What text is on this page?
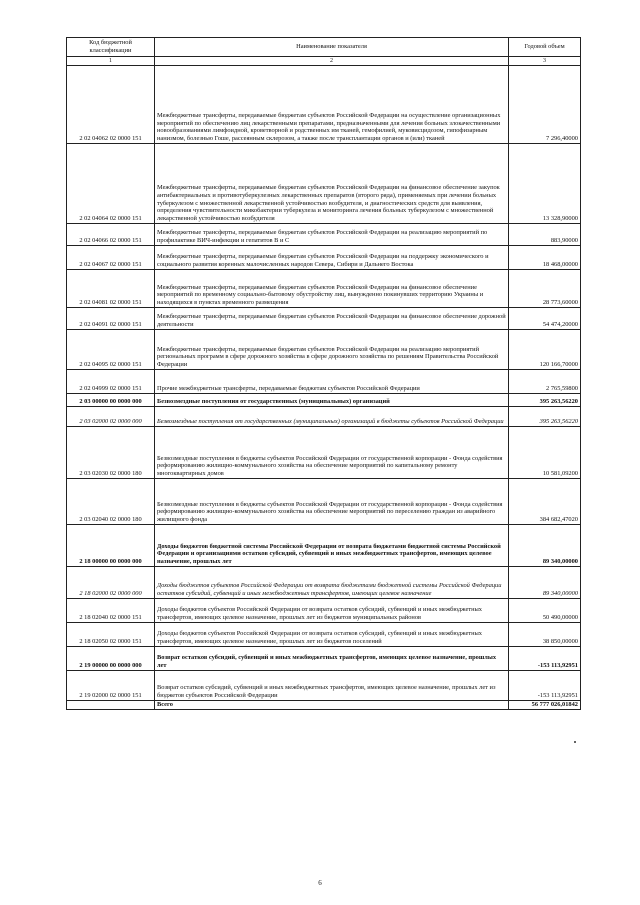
Код бюджетной классификации	Наименование показателя	Годовой объем
1	2	3
2 02 04062 02 0000 151	Межбюджетные трансферты, передаваемые бюджетам субъектов Российской Федерации на осуществление организационных мероприятий по обеспечению лиц лекарственными препаратами, предназначенными для лечения больных злокачественными новообразованиями лимфоидной, кроветворной и родственных им тканей, гемофилией, муковисцидозом, гипофизарным нанизмом, болезнью Гоше, рассеянным склерозом, а также после трансплантации органов и (или) тканей	7 296,40000
2 02 04064 02 0000 151	Межбюджетные трансферты, передаваемые бюджетам субъектов Российской Федерации на финансовое обеспечение закупок антибактериальных и противотуберкулезных лекарственных препаратов (второго ряда), применяемых при лечении больных туберкулезом с множественной лекарственной устойчивостью возбудителя, и диагностических средств для выявления, определения чувствительности микобактерии туберкулеза и мониторинга лечения больных туберкулезом с множественной лекарственной устойчивостью возбудителя	13 328,90000
2 02 04066 02 0000 151	Межбюджетные трансферты, передаваемые бюджетам субъектов Российской Федерации на реализацию мероприятий по профилактике ВИЧ-инфекции и гепатитов В и С	883,90000
2 02 04067 02 0000 151	Межбюджетные трансферты, передаваемые бюджетам субъектов Российской Федерации на поддержку экономического и социального развития коренных малочисленных народов Севера, Сибири и Дальнего Востока	18 468,00000
2 02 04081 02 0000 151	Межбюджетные трансферты, передаваемые бюджетам субъектов Российской Федерации на финансовое обеспечение мероприятий по временному социально-бытовому обустройству лиц, вынужденно покинувших территорию Украины и находящихся в пунктах временного размещения	28 773,60000
2 02 04091 02 0000 151	Межбюджетные трансферты, передаваемые бюджетам субъектов Российской Федерации на финансовое обеспечение дорожной деятельности	54 474,20000
2 02 04095 02 0000 151	Межбюджетные трансферты, передаваемые бюджетам субъектов Российской Федерации на реализацию мероприятий региональных программ в сфере дорожного хозяйства в сфере дорожного хозяйства по решениям Правительства Российской Федерации	120 166,70000
2 02 04999 02 0000 151	Прочие межбюджетные трансферты, передаваемые бюджетам субъектов Российской Федерации	2 765,59800
2 03 00000 00 0000 000	Безвозмездные поступления от государственных (муниципальных) организаций	395 263,56220
2 03 02000 02 0000 000	Безвозмездные поступления от государственных (муниципальных) организаций в бюджеты субъектов Российской Федерации	395 263,56220
2 03 02030 02 0000 180	Безвозмездные поступления в бюджеты субъектов Российской Федерации от государственной корпорации - Фонда содействия реформированию жилищно-коммунального хозяйства на обеспечение мероприятий по капитальному ремонту многоквартирных домов	10 581,09200
2 03 02040 02 0000 180	Безвозмездные поступления в бюджеты субъектов Российской Федерации от государственной корпорации - Фонда содействия реформированию жилищно-коммунального хозяйства на обеспечение мероприятий по переселению граждан из аварийного жилищного фонда	384 682,47020
2 18 00000 00 0000 000	Доходы бюджетов бюджетной системы Российской Федерации от возврата бюджетами бюджетной системы Российской Федерации и организациями остатков субсидий, субвенций и иных межбюджетных трансфертов, имеющих целевое назначение, прошлых лет	89 340,00000
2 18 02000 02 0000 000	Доходы бюджетов субъектов Российской Федерации от возврата бюджетами бюджетной системы Российской Федерации остатков субсидий, субвенций и иных межбюджетных трансфертов, имеющих целевое назначение	89 340,00000
2 18 02040 02 0000 151	Доходы бюджетов субъектов Российской Федерации от возврата остатков субсидий, субвенций и иных межбюджетных трансфертов, имеющих целевое назначение, прошлых лет из бюджетов муниципальных районов	50 490,00000
2 18 02050 02 0000 151	Доходы бюджетов субъектов Российской Федерации от возврата остатков субсидий, субвенций и иных межбюджетных трансфертов, имеющих целевое назначение, прошлых лет из бюджетов поселений	38 850,00000
2 19 00000 00 0000 000	Возврат остатков субсидий, субвенций и иных межбюджетных трансфертов, имеющих целевое назначение, прошлых лет	-153 113,92951
2 19 02000 02 0000 151	Возврат остатков субсидий, субвенций и иных межбюджетных трансфертов, имеющих целевое назначение, прошлых лет из бюджетов субъектов Российской Федерации	-153 113,92951
	Всего	56 777 026,01842
6
